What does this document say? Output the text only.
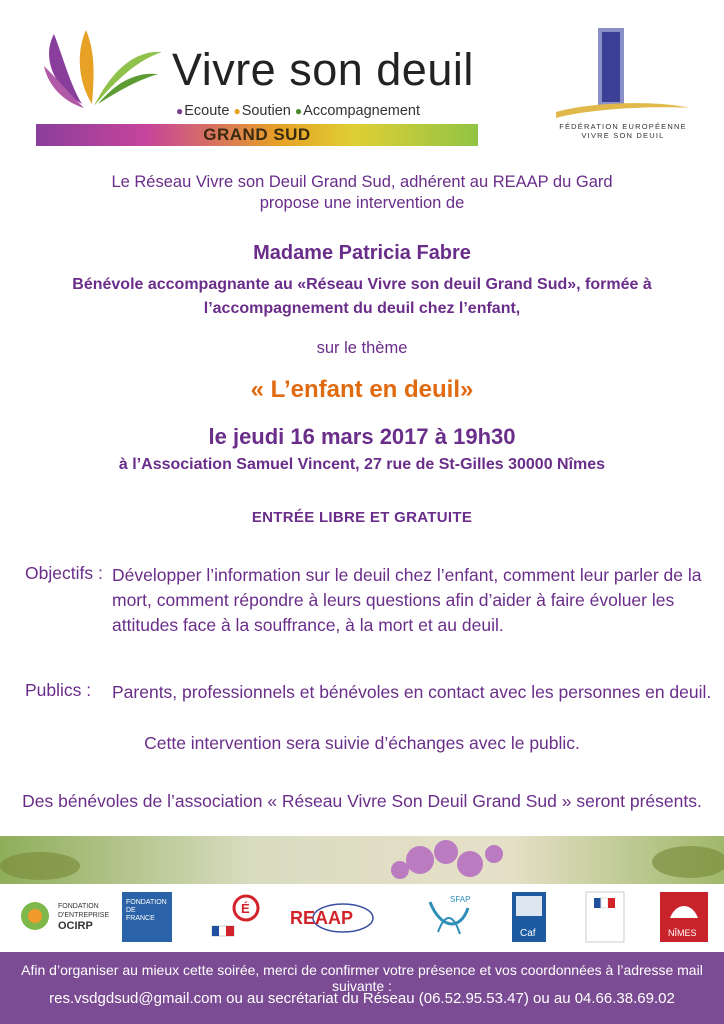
Vivre son deuil
●Ecoute ●Soutien ●Accompagnement
GRAND SUD	FÉDÉRATION EUROPÉENNE
VIVRE SON DEUIL
Le Réseau Vivre son Deuil Grand Sud, adhérent au REAAP du Gard
propose une intervention de
Madame Patricia Fabre
Bénévole accompagnante au «Réseau Vivre son deuil Grand Sud», formée à
l’accompagnement du deuil chez l’enfant,
sur le thème
« L’enfant en deuil»
le jeudi 16 mars 2017 à 19h30
à l’Association Samuel Vincent, 27 rue de St-Gilles 30000 Nîmes
ENTRÉE LIBRE ET GRATUITE
Objectifs : Développer l’information sur le deuil chez l’enfant, comment leur parler de la
mort, comment répondre à leurs questions afin d’aider à faire évoluer les
attitudes face à la souffrance, à la mort et au deuil.
Publics : Parents, professionnels et bénévoles en contact avec les personnes en deuil.
Cette intervention sera suivie d’échanges avec le public.
Des bénévoles de l’association « Réseau Vivre Son Deuil Grand Sud » seront présents.
FONDATION
D'ENTREPRISE
OCIRP
FONDATION
DE
FRANCE
É REAAP
SFAP
Caf	NÎMES
Afin d’organiser au mieux cette soirée, merci de confirmer votre présence et vos coordonnées à l’adresse mail suivante :
res.vsdgdsud@gmail.com ou au secrétariat du Réseau (06.52.95.53.47) ou au 04.66.38.69.02
